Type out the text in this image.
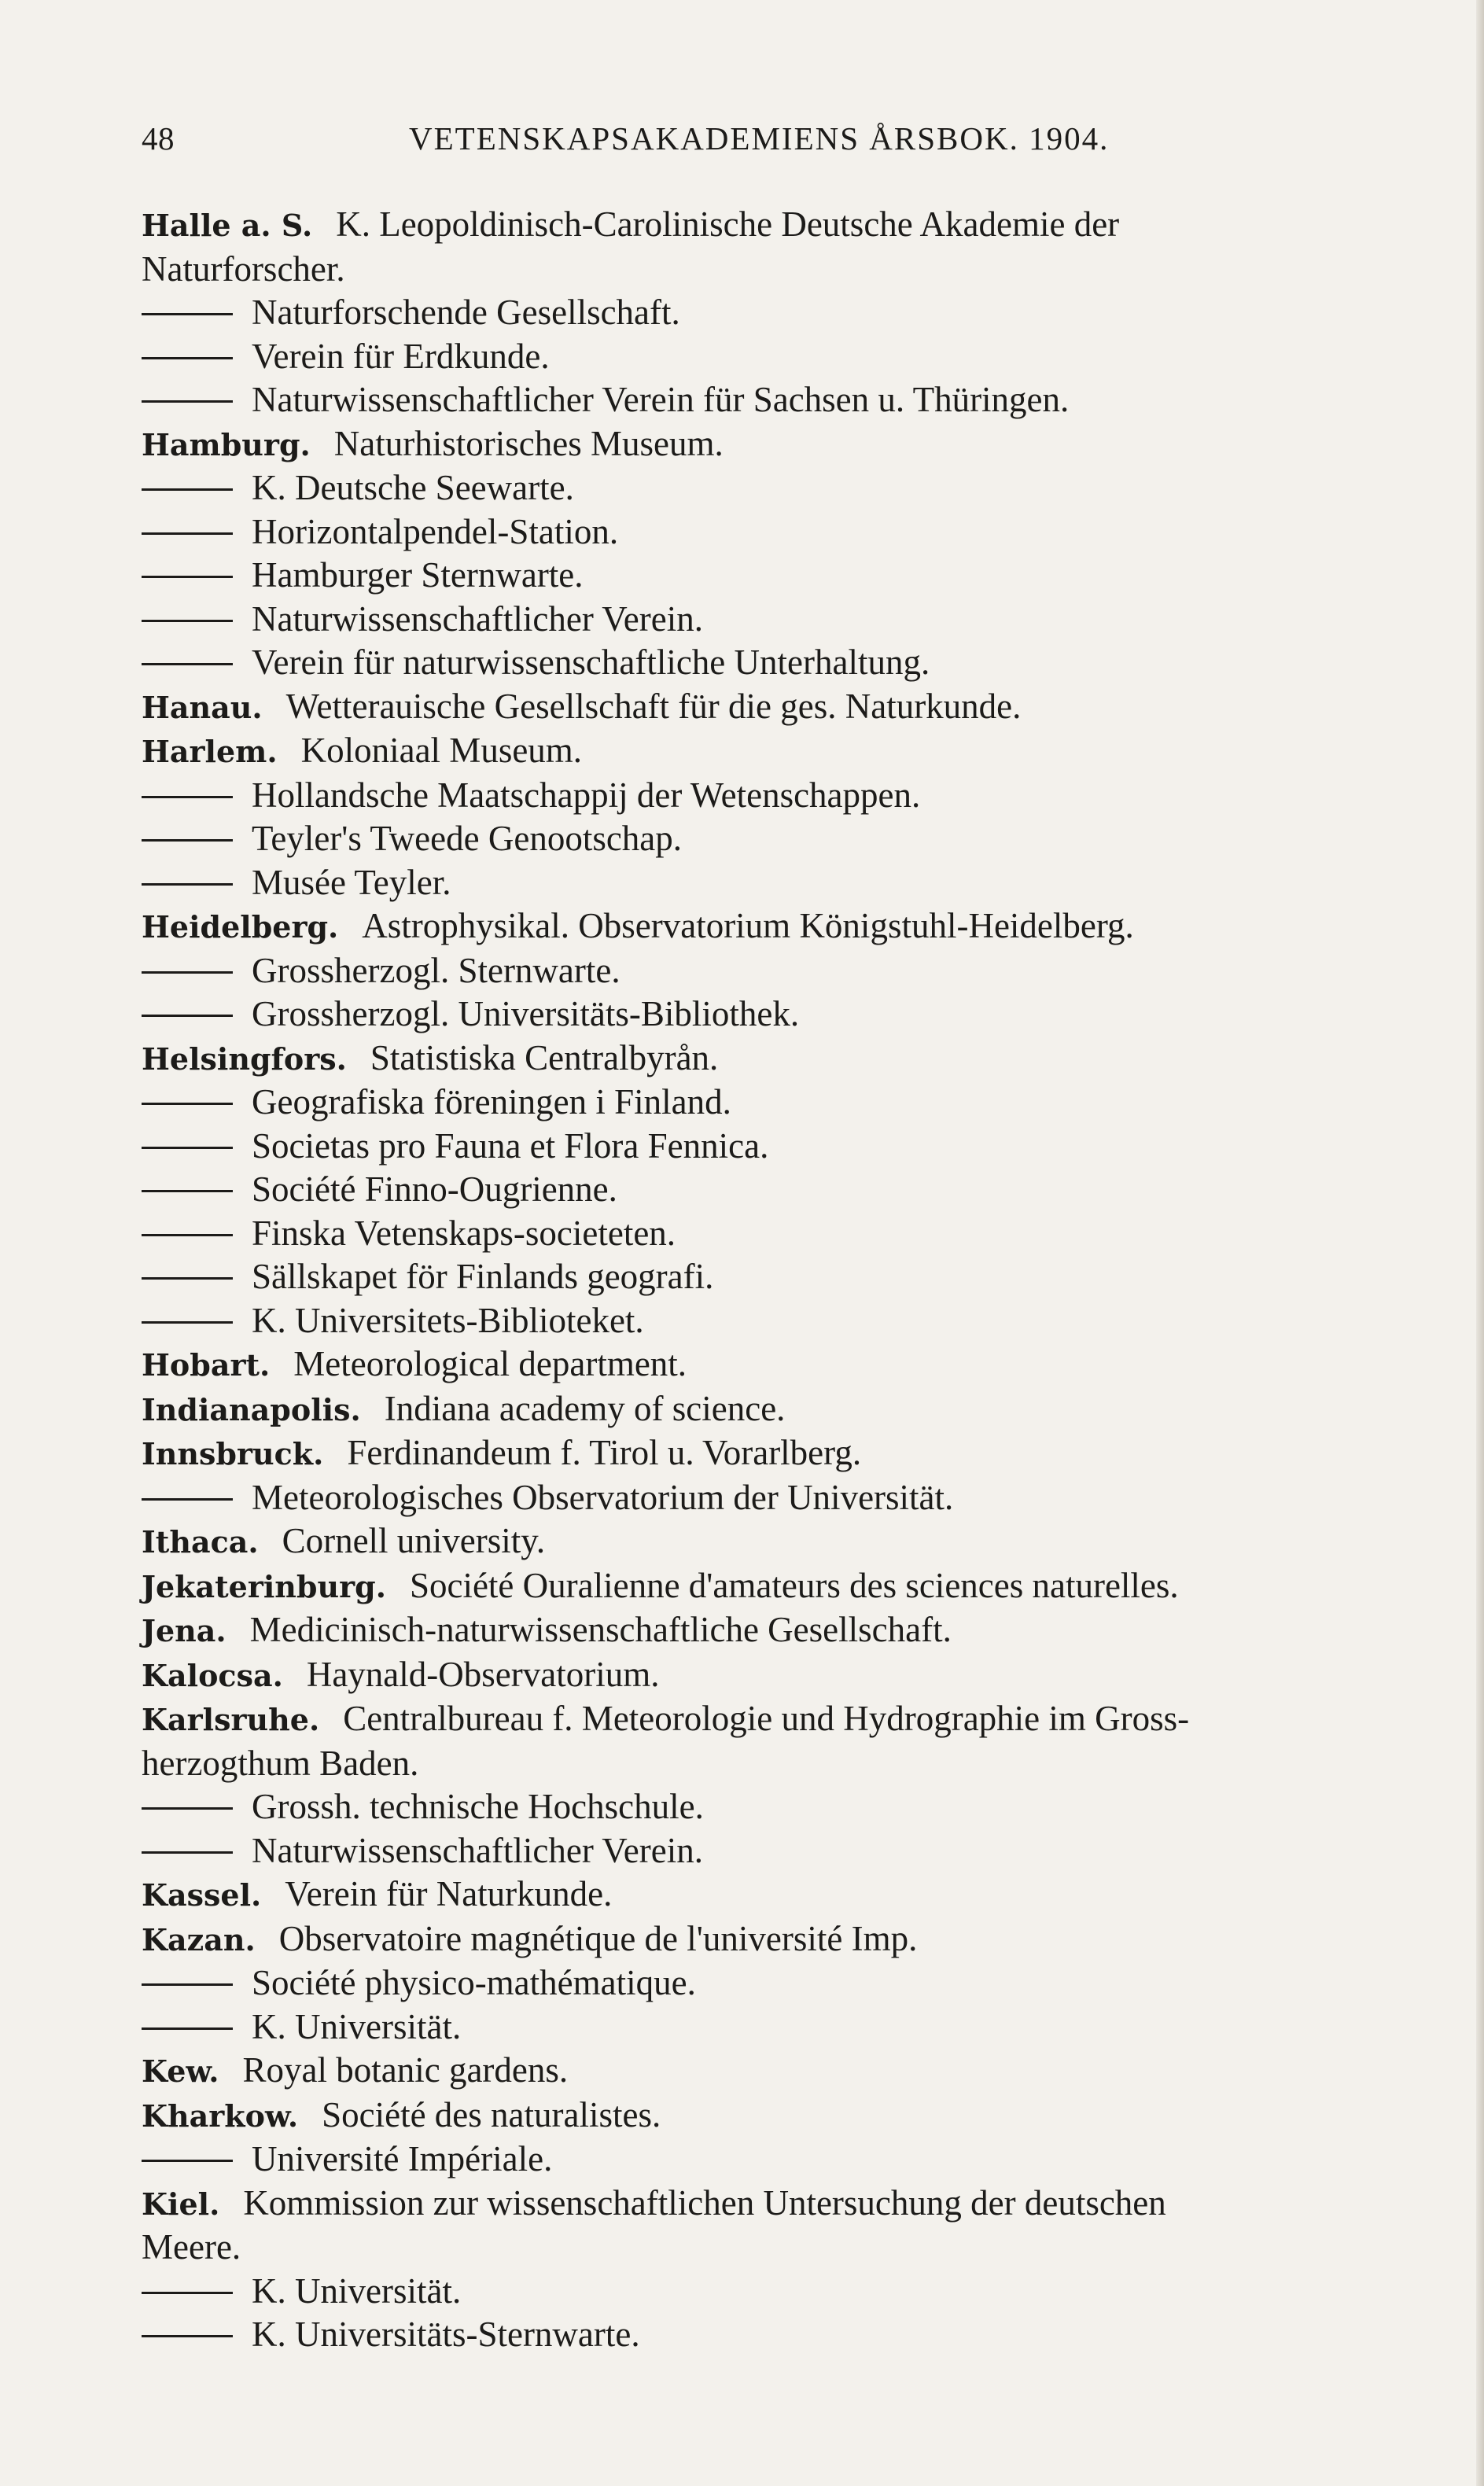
48	VETENSKAPSAKADEMIENS ÅRSBOK. 1904.
Halle a. S. K. Leopoldinisch-Carolinische Deutsche Akademie der
Naturforscher.
Naturforschende Gesellschaft.
Verein für Erdkunde.
Naturwissenschaftlicher Verein für Sachsen u. Thüringen.
Hamburg. Naturhistorisches Museum.
K. Deutsche Seewarte.
Horizontalpendel-Station.
Hamburger Sternwarte.
Naturwissenschaftlicher Verein.
Verein für naturwissenschaftliche Unterhaltung.
Hanau. Wetterauische Gesellschaft für die ges. Naturkunde.
Harlem. Koloniaal Museum.
Hollandsche Maatschappij der Wetenschappen.
Teyler's Tweede Genootschap.
Musée Teyler.
Heidelberg. Astrophysikal. Observatorium Königstuhl-Heidelberg.
Grossherzogl. Sternwarte.
Grossherzogl. Universitäts-Bibliothek.
Helsingfors. Statistiska Centralbyrån.
Geografiska föreningen i Finland.
Societas pro Fauna et Flora Fennica.
Société Finno-Ougrienne.
Finska Vetenskaps-societeten.
Sällskapet för Finlands geografi.
K. Universitets-Biblioteket.
Hobart. Meteorological department.
Indianapolis. Indiana academy of science.
Innsbruck. Ferdinandeum f. Tirol u. Vorarlberg.
Meteorologisches Observatorium der Universität.
Ithaca. Cornell university.
Jekaterinburg. Société Ouralienne d'amateurs des sciences naturelles.
Jena. Medicinisch-naturwissenschaftliche Gesellschaft.
Kalocsa. Haynald-Observatorium.
Karlsruhe. Centralbureau f. Meteorologie und Hydrographie im Gross-
herzogthum Baden.
Grossh. technische Hochschule.
Naturwissenschaftlicher Verein.
Kassel. Verein für Naturkunde.
Kazan. Observatoire magnétique de l'université Imp.
Société physico-mathématique.
K. Universität.
Kew. Royal botanic gardens.
Kharkow. Société des naturalistes.
Université Impériale.
Kiel. Kommission zur wissenschaftlichen Untersuchung der deutschen
Meere.
K. Universität.
K. Universitäts-Sternwarte.
